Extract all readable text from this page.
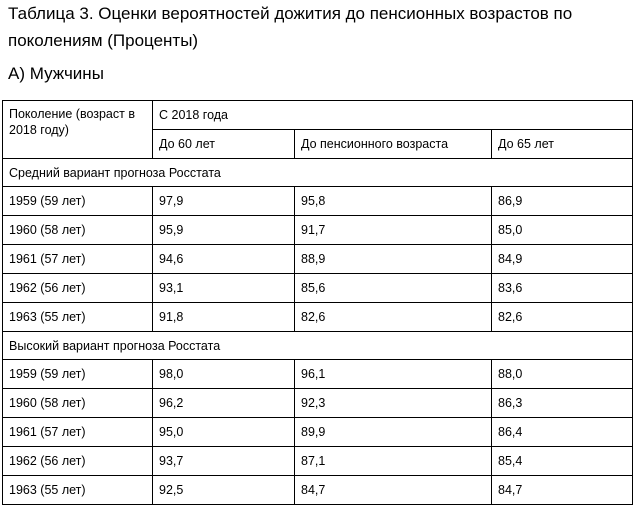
Таблица 3. Оценки вероятностей дожития до пенсионных возрастов по поколениям (Проценты)
А) Мужчины
Поколение (возраст в 2018 году)	С 2018 года		
	До 60 лет	До пенсионного возраста	До 65 лет
Средний вариант прогноза Росстата			
1959 (59 лет)	97,9	95,8	86,9
1960 (58 лет)	95,9	91,7	85,0
1961 (57 лет)	94,6	88,9	84,9
1962 (56 лет)	93,1	85,6	83,6
1963 (55 лет)	91,8	82,6	82,6
Высокий вариант прогноза Росстата			
1959 (59 лет)	98,0	96,1	88,0
1960 (58 лет)	96,2	92,3	86,3
1961 (57 лет)	95,0	89,9	86,4
1962 (56 лет)	93,7	87,1	85,4
1963 (55 лет)	92,5	84,7	84,7
